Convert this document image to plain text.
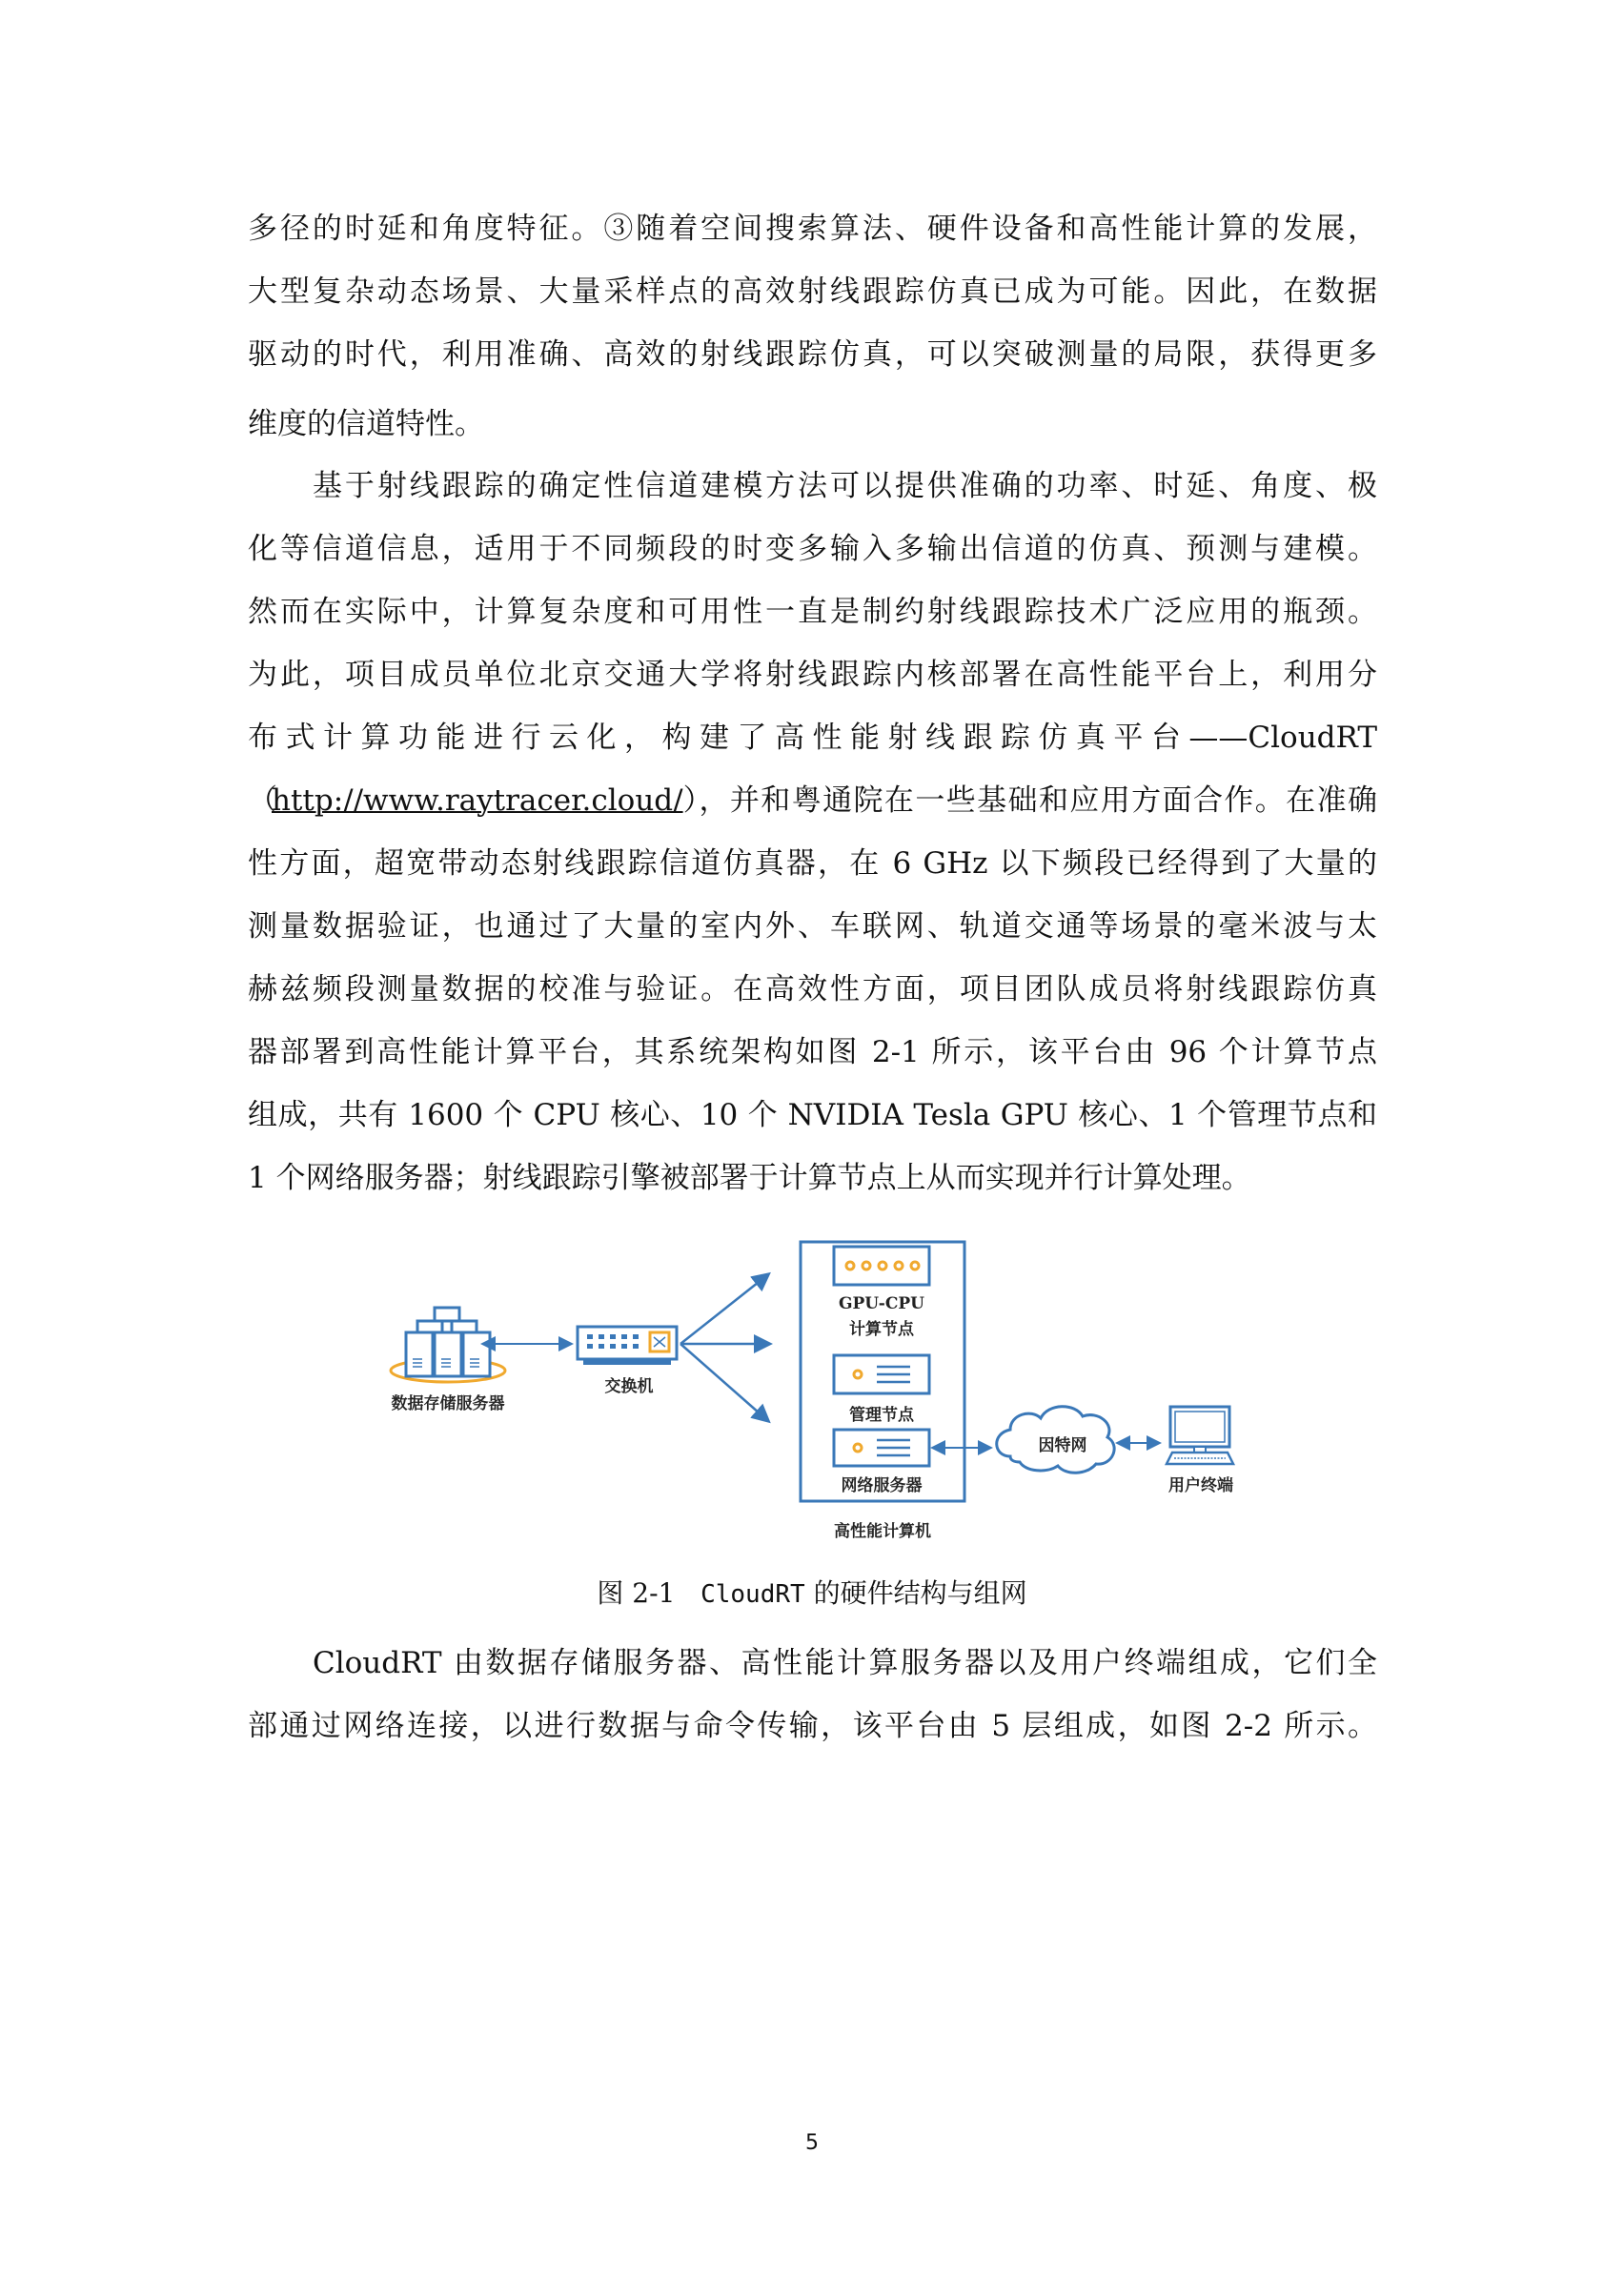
多径的时延和角度特征。③随着空间搜索算法、硬件设备和高性能计算的发展，
大型复杂动态场景、大量采样点的高效射线跟踪仿真已成为可能。因此，在数据
驱动的时代，利用准确、高效的射线跟踪仿真，可以突破测量的局限，获得更多
维度的信道特性。
基于射线跟踪的确定性信道建模方法可以提供准确的功率、时延、角度、极
化等信道信息，适用于不同频段的时变多输入多输出信道的仿真、预测与建模。
然而在实际中，计算复杂度和可用性一直是制约射线跟踪技术广泛应用的瓶颈。
为此，项目成员单位北京交通大学将射线跟踪内核部署在高性能平台上，利用分
布式计算功能进行云化，构建了高性能射线跟踪仿真平台——CloudRT
（
http://www.raytracer.cloud/ ），并和粤通院在一些基础和应用方面合作。在准确
性方面，超宽带动态射线跟踪信道仿真器，在 6 GHz 以下频段已经得到了大量的
测量数据验证，也通过了大量的室内外、车联网、轨道交通等场景的毫米波与太
赫兹频段测量数据的校准与验证。在高效性方面，项目团队成员将射线跟踪仿真
器部署到高性能计算平台，其系统架构如图 2-1 所示，该平台由 96 个计算节点
组成，共有 1600 个 CPU 核心、10 个 NVIDIA Tesla GPU 核心、1 个管理节点和
1 个网络服务器；射线跟踪引擎被部署于计算节点上从而实现并行计算处理。
数据存储服务器
交换机
GPU-CPU
计算节点
管理节点
网络服务器
高性能计算机
因特网
用户终端
图 2-1 CloudRT 的硬件结构与组网
CloudRT 由数据存储服务器、高性能计算服务器以及用户终端组成，它们全
部通过网络连接，以进行数据与命令传输，该平台由 5 层组成，如图 2-2 所示。
5
